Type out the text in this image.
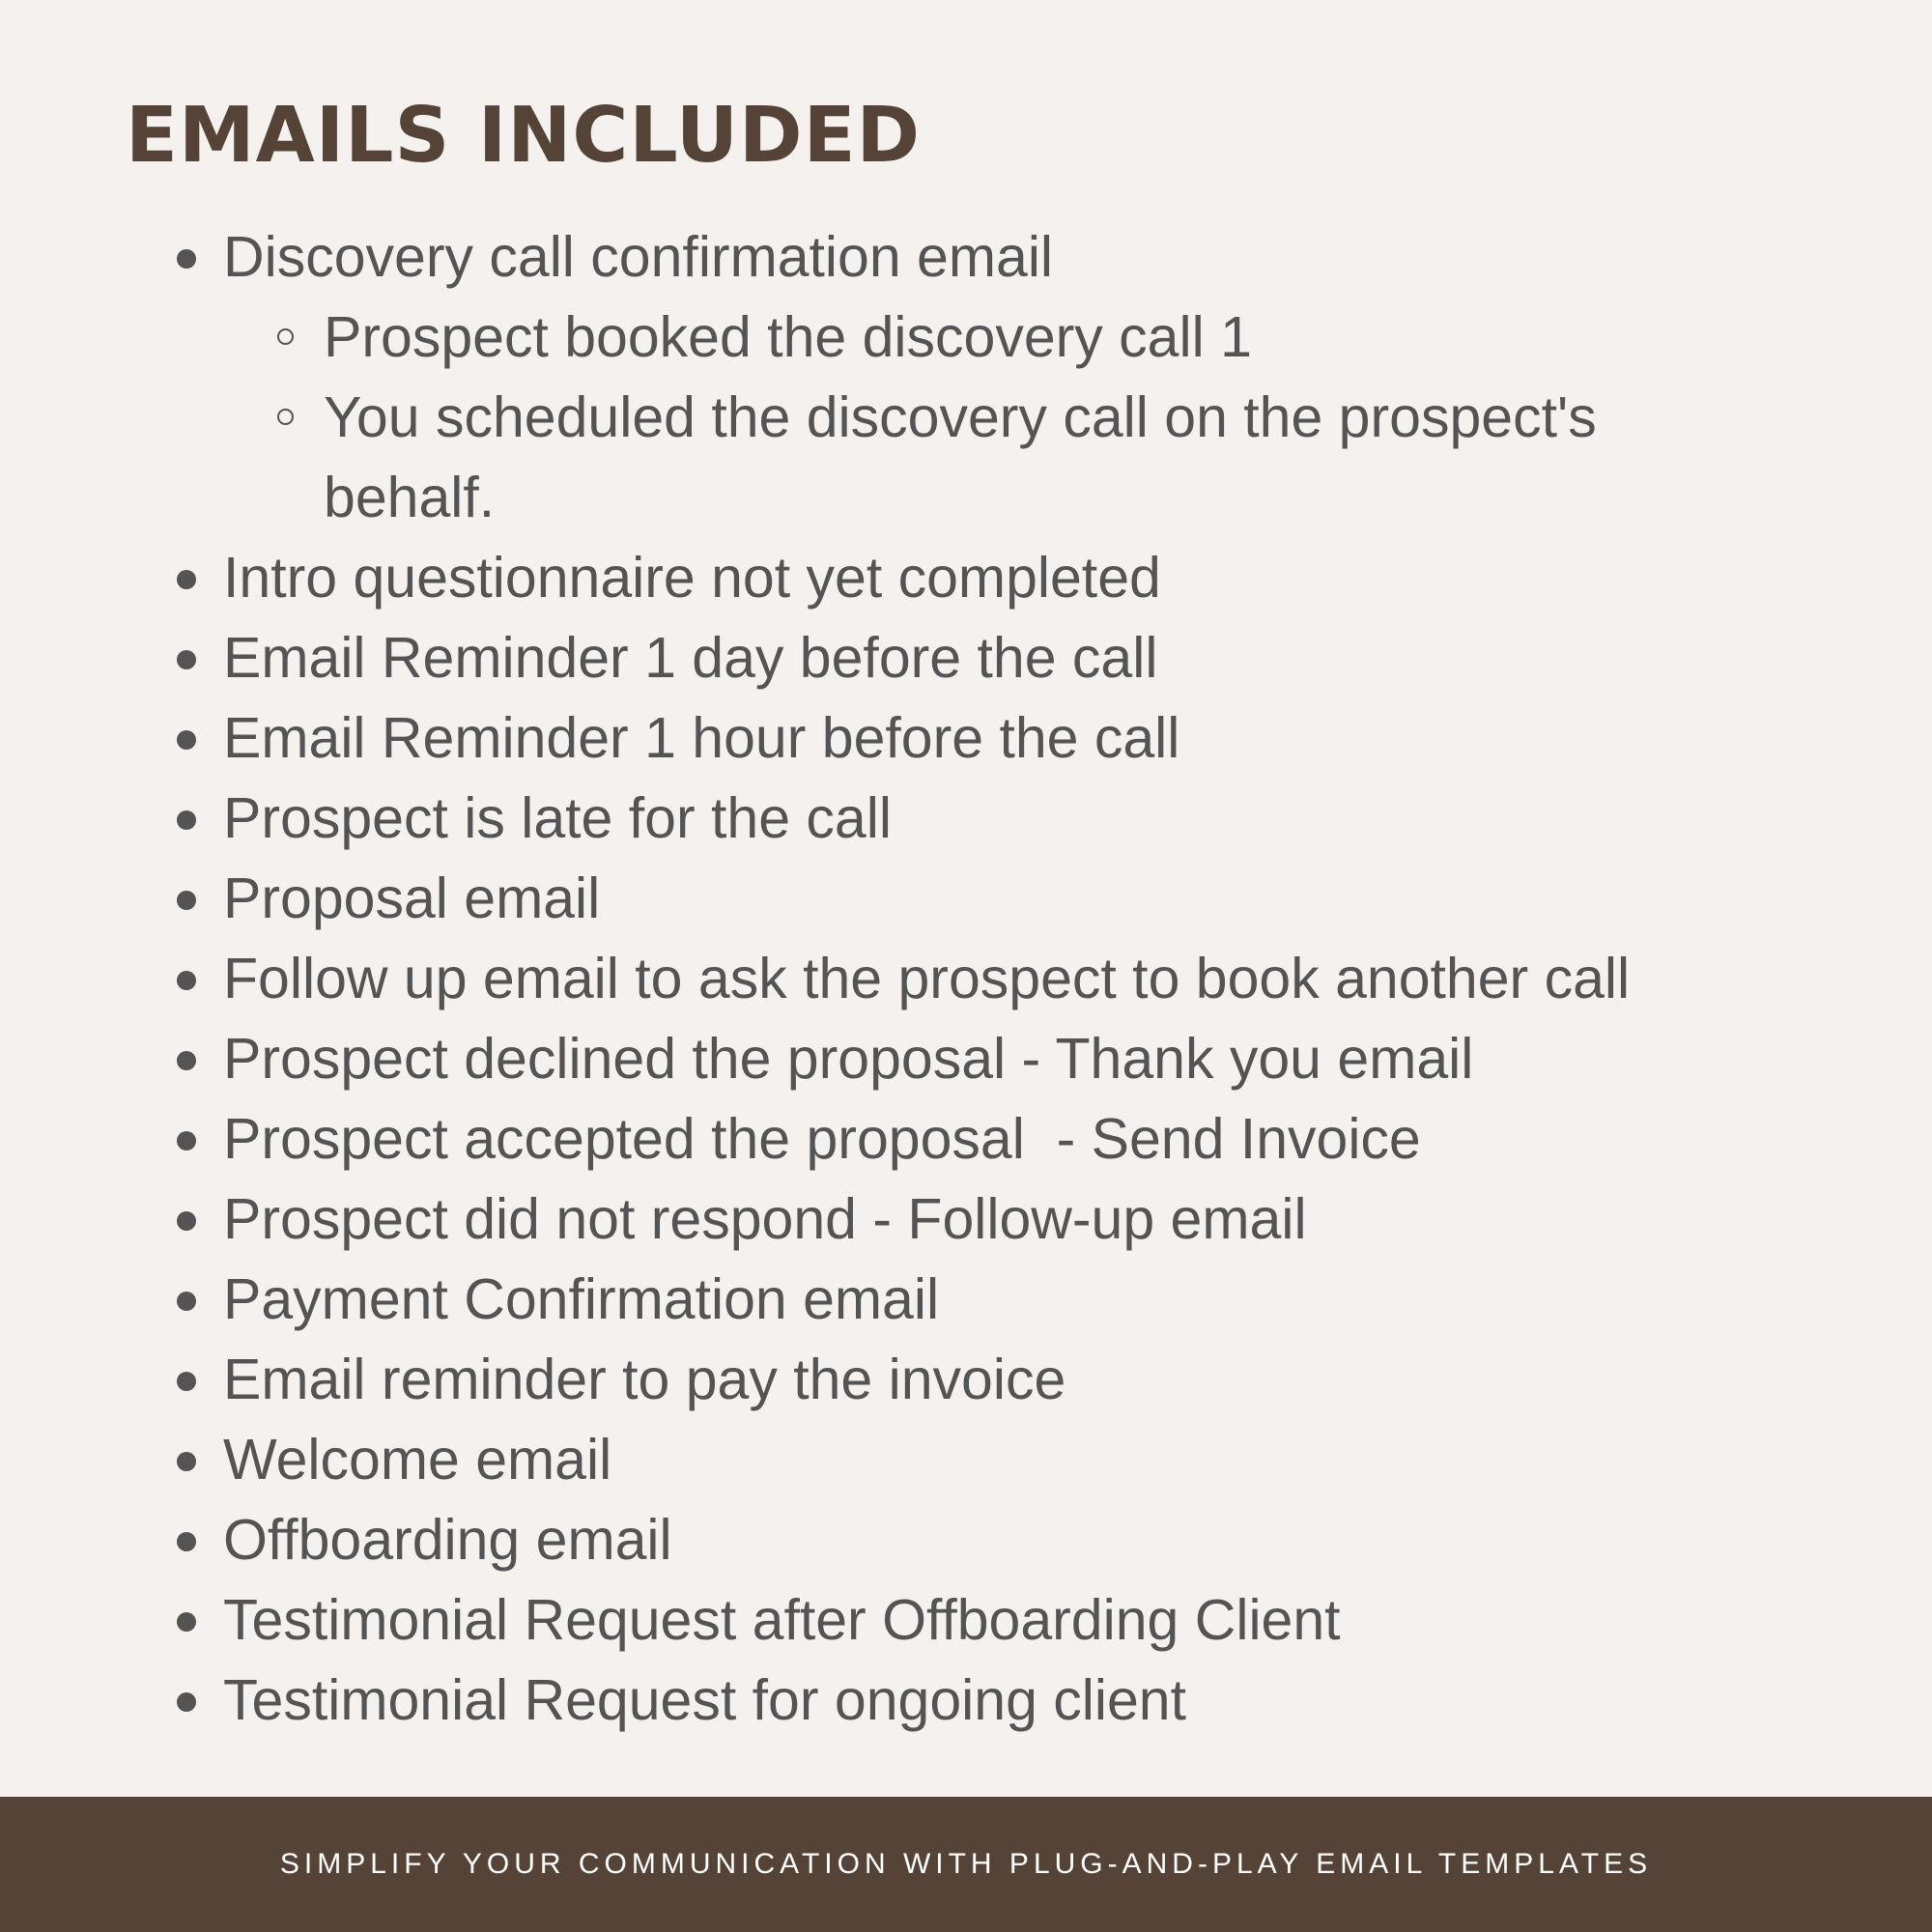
EMAILS INCLUDED
Discovery call confirmation email
Prospect booked the discovery call 1
You scheduled the discovery call on the prospect's
behalf.
Intro questionnaire not yet completed
Email Reminder 1 day before the call
Email Reminder 1 hour before the call
Prospect is late for the call
Proposal email
Follow up email to ask the prospect to book another call
Prospect declined the proposal - Thank you email
Prospect accepted the proposal  - Send Invoice
Prospect did not respond - Follow-up email
Payment Confirmation email
Email reminder to pay the invoice
Welcome email
Offboarding email
Testimonial Request after Offboarding Client
Testimonial Request for ongoing client
SIMPLIFY YOUR COMMUNICATION WITH PLUG-AND-PLAY EMAIL TEMPLATES
